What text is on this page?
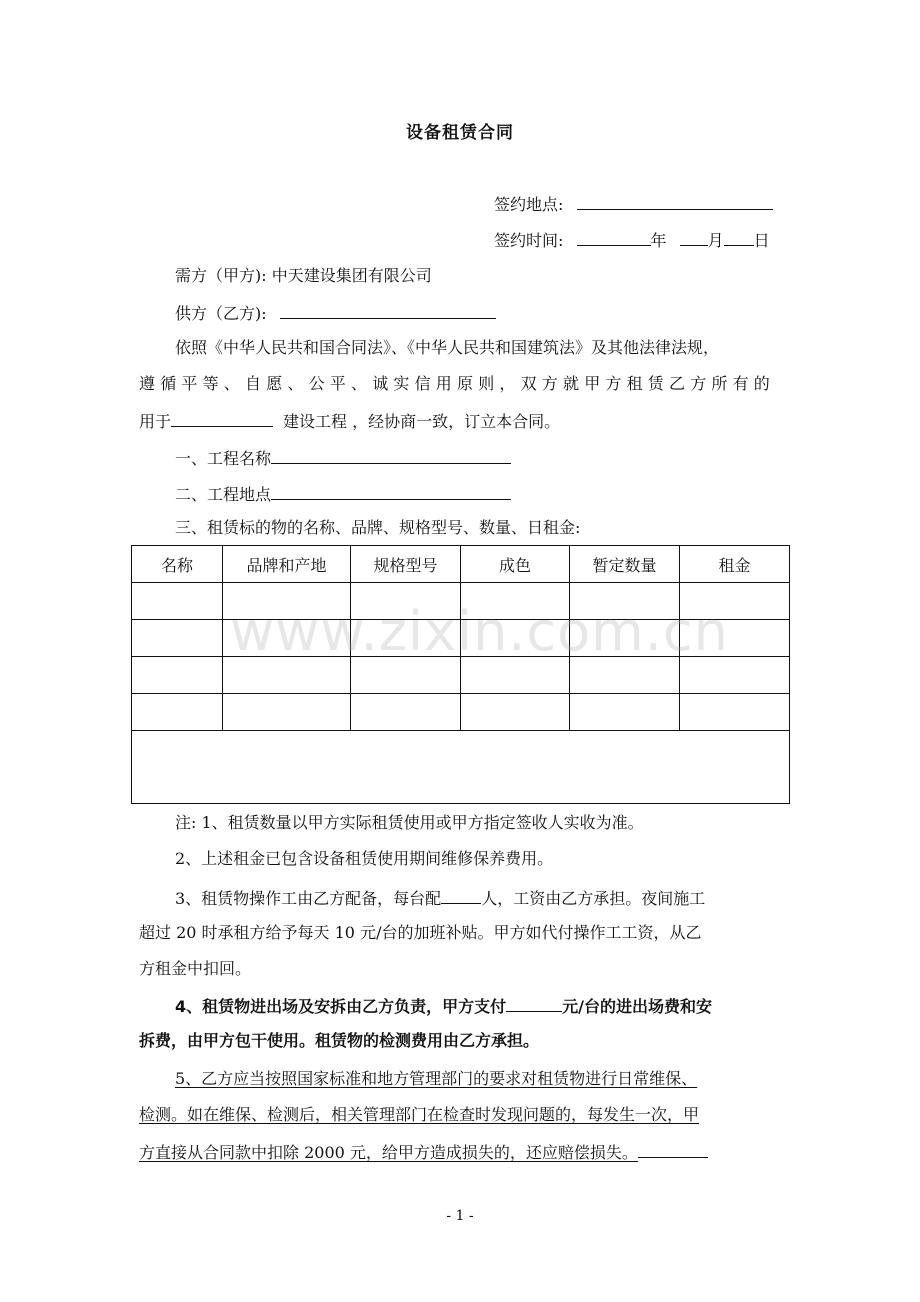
设备租赁合同
签约地点:
签约时间:	年	月 日
需方（甲方): 中天建设集团有限公司
供方（乙方):
依照《中华人民共和国合同法》、《中华人民共和国建筑法》及其他法律法规，
遵循平等、自愿、公平、诚实信用原则，双方就甲方租赁乙方所有的
用于	建设工程 ，经协商一致，订立本合同。
一、工程名称
二、工程地点
三、租赁标的物的名称、品牌、规格型号、数量、日租金:
名称	品牌和产地	规格型号	成色	暂定数量	租金

www.zixin.com.cn
注: 1、租赁数量以甲方实际租赁使用或甲方指定签收人实收为准。
2、上述租金已包含设备租赁使用期间维修保养费用。
3、租赁物操作工由乙方配备，每台配	人，工资由乙方承担。夜间施工
超过 20 时承租方给予每天 10 元/台的加班补贴。甲方如代付操作工工资，从乙
方租金中扣回。
4、租赁物进出场及安拆由乙方负责，甲方支付	元/台的进出场费和安
拆费，由甲方包干使用。租赁物的检测费用由乙方承担。
5、乙方应当按照国家标准和地方管理部门的要求对租赁物进行日常维保、
检测。如在维保、检测后，相关管理部门在检查时发现问题的，每发生一次，甲
方直接从合同款中扣除 2000 元，给甲方造成损失的，还应赔偿损失。
- 1 -
